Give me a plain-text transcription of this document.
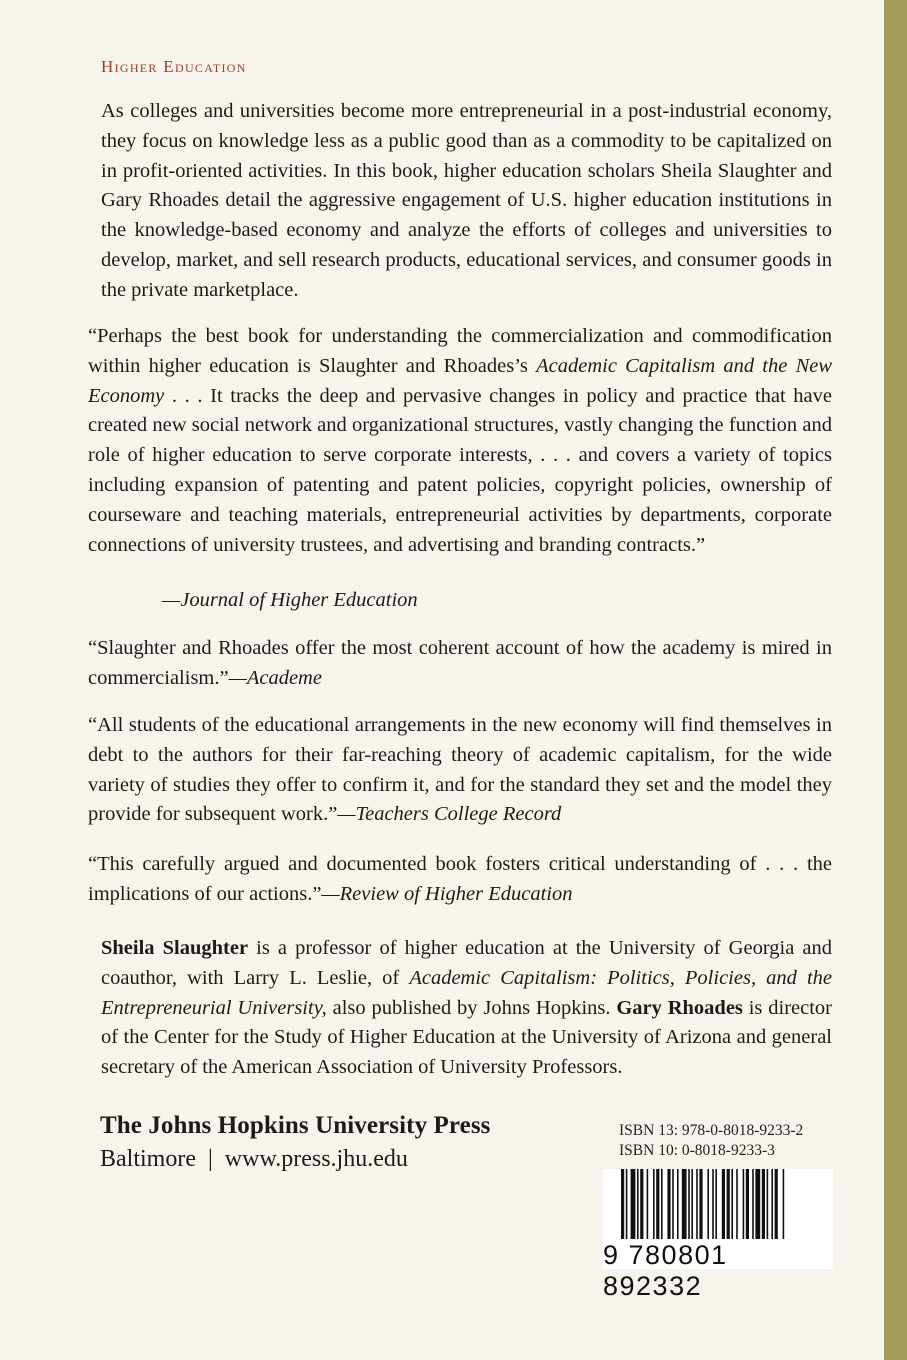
Higher Education

As colleges and universities become more entrepreneurial in a post-industrial economy, they focus on knowledge less as a public good than as a commodity to be capitalized on in profit-oriented activities. In this book, higher education scholars Sheila Slaughter and Gary Rhoades detail the aggressive engagement of U.S. higher education institutions in the knowledge-based economy and analyze the efforts of colleges and universities to develop, market, and sell research products, educational services, and consumer goods in the private marketplace.

“Perhaps the best book for understanding the commercialization and commodification within higher education is Slaughter and Rhoades’s Academic Capitalism and the New Economy . . . It tracks the deep and pervasive changes in policy and practice that have created new social network and organizational structures, vastly changing the function and role of higher education to serve corporate interests, . . . and covers a variety of topics including expansion of patenting and patent policies, copyright policies, ownership of courseware and teaching materials, entrepreneurial activities by departments, corporate connections of university trustees, and advertising and branding contracts.”

—Journal of Higher Education

“Slaughter and Rhoades offer the most coherent account of how the academy is mired in commercialism.”—Academe

“All students of the educational arrangements in the new economy will find themselves in debt to the authors for their far-reaching theory of academic capitalism, for the wide variety of studies they offer to confirm it, and for the standard they set and the model they provide for subsequent work.”—Teachers College Record

“This carefully argued and documented book fosters critical understanding of . . . the implications of our actions.”—Review of Higher Education

Sheila Slaughter is a professor of higher education at the University of Georgia and coauthor, with Larry L. Leslie, of Academic Capitalism: Politics, Policies, and the Entrepreneurial University, also published by Johns Hopkins. Gary Rhoades is director of the Center for the Study of Higher Education at the University of Arizona and general secretary of the American Association of University Professors.

The Johns Hopkins University Press
Baltimore | www.press.jhu.edu
ISBN 13: 978-0-8018-9233-2
ISBN 10: 0-8018-9233-3
9 780801 892332
